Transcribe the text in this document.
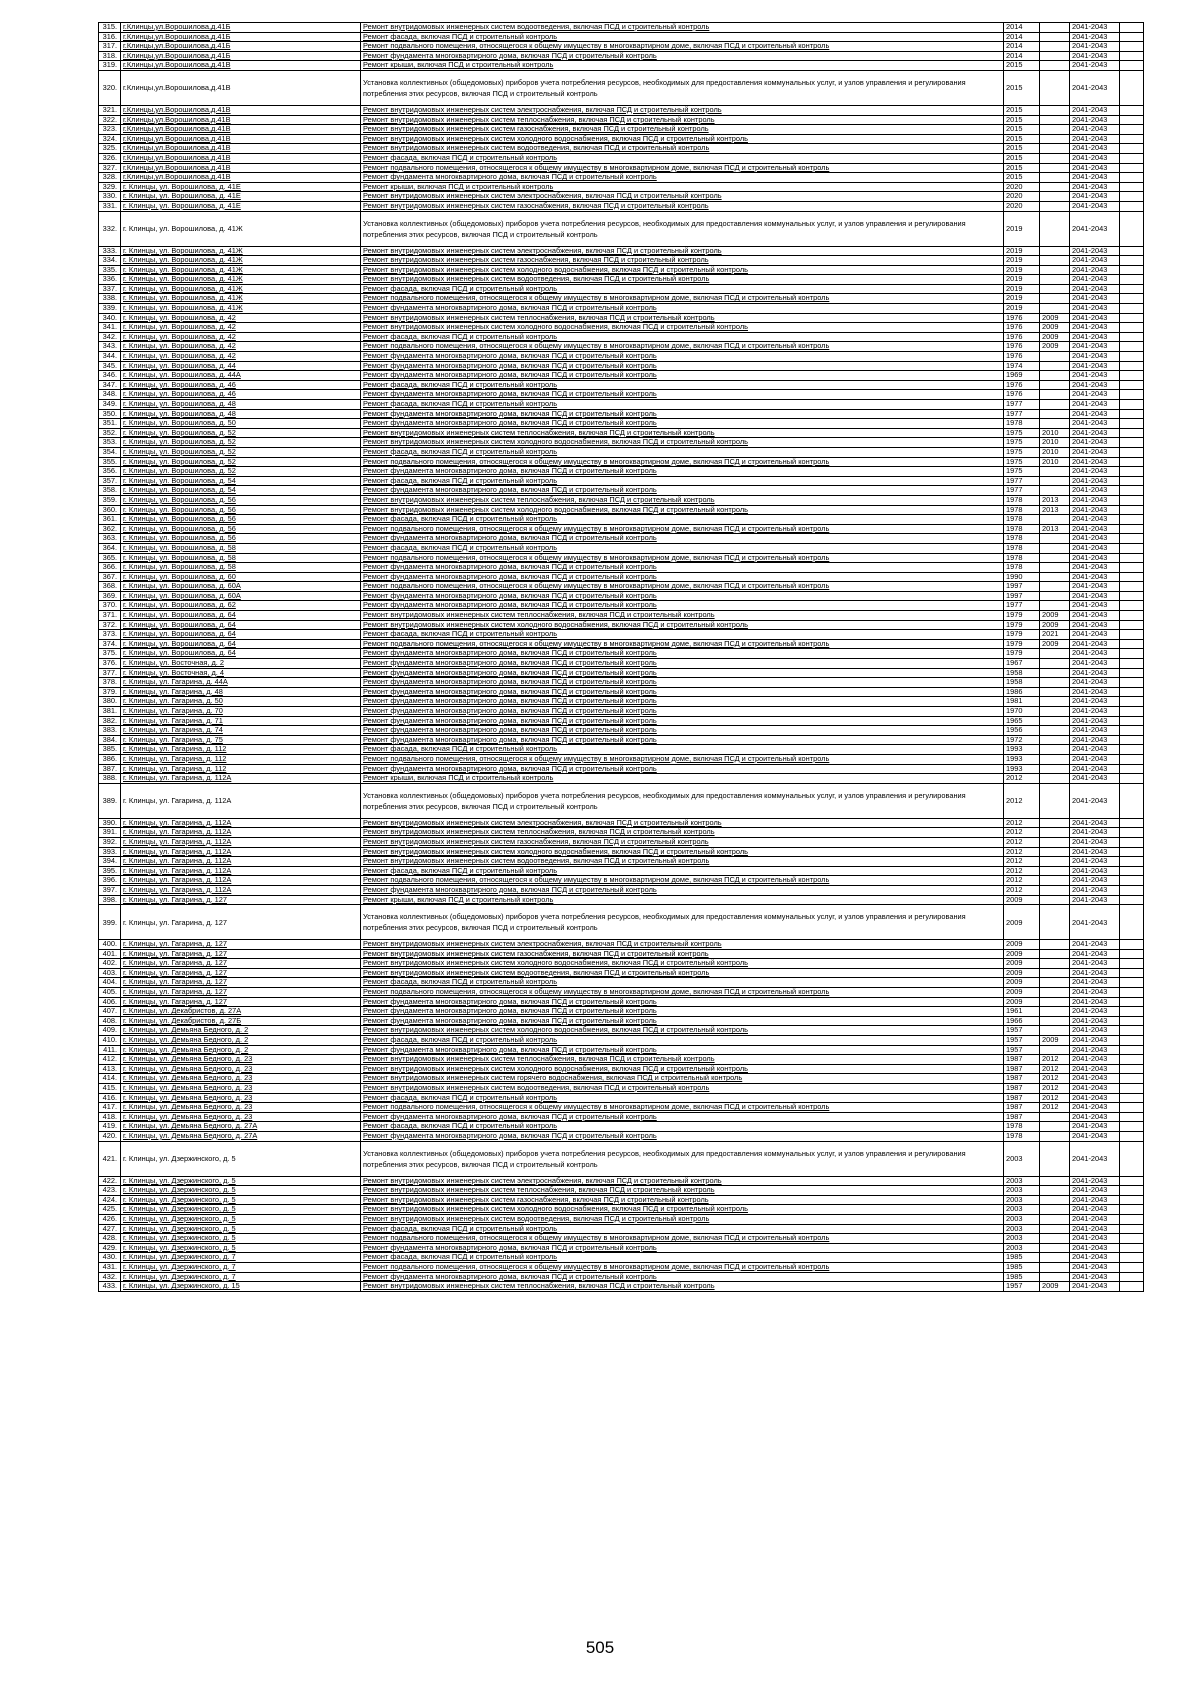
315.	г.Клинцы,ул.Ворошилова,д.41Б	Ремонт внутридомовых инженерных систем водоотведения, включая ПСД и строительный контроль	2014		2041-2043	
316.	г.Клинцы,ул.Ворошилова,д.41Б	Ремонт фасада, включая ПСД и строительный контроль	2014		2041-2043	
317.	г.Клинцы,ул.Ворошилова,д.41Б	Ремонт подвального помещения, относящегося к общему имуществу в многоквартирном доме, включая ПСД и строительный контроль	2014		2041-2043	
318.	г.Клинцы,ул.Ворошилова,д.41Б	Ремонт фундамента многоквартирного дома, включая ПСД и строительный контроль	2014		2041-2043	
319.	г.Клинцы,ул.Ворошилова,д.41В	Ремонт крыши, включая ПСД и строительный контроль	2015		2041-2043	
320.	г.Клинцы,ул.Ворошилова,д.41В	Установка коллективных (общедомовых) приборов учета потребления ресурсов, необходимых для предоставления коммунальных услуг, и узлов управления и регулирования потребления этих ресурсов, включая ПСД и строительный контроль	2015		2041-2043	
321.	г.Клинцы,ул.Ворошилова,д.41В	Ремонт внутридомовых инженерных систем электроснабжения, включая ПСД и строительный контроль	2015		2041-2043	
322.	г.Клинцы,ул.Ворошилова,д.41В	Ремонт внутридомовых инженерных систем теплоснабжения, включая ПСД и строительный контроль	2015		2041-2043	
323.	г.Клинцы,ул.Ворошилова,д.41В	Ремонт внутридомовых инженерных систем газоснабжения, включая ПСД и строительный контроль	2015		2041-2043	
324.	г.Клинцы,ул.Ворошилова,д.41В	Ремонт внутридомовых инженерных систем холодного водоснабжения, включая ПСД и строительный контроль	2015		2041-2043	
325.	г.Клинцы,ул.Ворошилова,д.41В	Ремонт внутридомовых инженерных систем водоотведения, включая ПСД и строительный контроль	2015		2041-2043	
326.	г.Клинцы,ул.Ворошилова,д.41В	Ремонт фасада, включая ПСД и строительный контроль	2015		2041-2043	
327.	г.Клинцы,ул.Ворошилова,д.41В	Ремонт подвального помещения, относящегося к общему имуществу в многоквартирном доме, включая ПСД и строительный контроль	2015		2041-2043	
328.	г.Клинцы,ул.Ворошилова,д.41В	Ремонт фундамента многоквартирного дома, включая ПСД и строительный контроль	2015		2041-2043	
329.	г. Клинцы, ул. Ворошилова, д. 41Е	Ремонт крыши, включая ПСД и строительный контроль	2020		2041-2043	
330.	г. Клинцы, ул. Ворошилова, д. 41Е	Ремонт внутридомовых инженерных систем электроснабжения, включая ПСД и строительный контроль	2020		2041-2043	
331.	г. Клинцы, ул. Ворошилова, д. 41Е	Ремонт внутридомовых инженерных систем газоснабжения, включая ПСД и строительный контроль	2020		2041-2043	
332.	г. Клинцы, ул. Ворошилова, д. 41Ж	Установка коллективных (общедомовых) приборов учета потребления ресурсов, необходимых для предоставления коммунальных услуг, и узлов управления и регулирования потребления этих ресурсов, включая ПСД и строительный контроль	2019		2041-2043	
333.	г. Клинцы, ул. Ворошилова, д. 41Ж	Ремонт внутридомовых инженерных систем электроснабжения, включая ПСД и строительный контроль	2019		2041-2043	
334.	г. Клинцы, ул. Ворошилова, д. 41Ж	Ремонт внутридомовых инженерных систем газоснабжения, включая ПСД и строительный контроль	2019		2041-2043	
335.	г. Клинцы, ул. Ворошилова, д. 41Ж	Ремонт внутридомовых инженерных систем холодного водоснабжения, включая ПСД и строительный контроль	2019		2041-2043	
336.	г. Клинцы, ул. Ворошилова, д. 41Ж	Ремонт внутридомовых инженерных систем водоотведения, включая ПСД и строительный контроль	2019		2041-2043	
337.	г. Клинцы, ул. Ворошилова, д. 41Ж	Ремонт фасада, включая ПСД и строительный контроль	2019		2041-2043	
338.	г. Клинцы, ул. Ворошилова, д. 41Ж	Ремонт подвального помещения, относящегося к общему имуществу в многоквартирном доме, включая ПСД и строительный контроль	2019		2041-2043	
339.	г. Клинцы, ул. Ворошилова, д. 41Ж	Ремонт фундамента многоквартирного дома, включая ПСД и строительный контроль	2019		2041-2043	
340.	г. Клинцы, ул. Ворошилова, д. 42	Ремонт внутридомовых инженерных систем теплоснабжения, включая ПСД и строительный контроль	1976	2009	2041-2043	
341.	г. Клинцы, ул. Ворошилова, д. 42	Ремонт внутридомовых инженерных систем холодного водоснабжения, включая ПСД и строительный контроль	1976	2009	2041-2043	
342.	г. Клинцы, ул. Ворошилова, д. 42	Ремонт фасада, включая ПСД и строительный контроль	1976	2009	2041-2043	
343.	г. Клинцы, ул. Ворошилова, д. 42	Ремонт подвального помещения, относящегося к общему имуществу в многоквартирном доме, включая ПСД и строительный контроль	1976	2009	2041-2043	
344.	г. Клинцы, ул. Ворошилова, д. 42	Ремонт фундамента многоквартирного дома, включая ПСД и строительный контроль	1976		2041-2043	
345.	г. Клинцы, ул. Ворошилова, д. 44	Ремонт фундамента многоквартирного дома, включая ПСД и строительный контроль	1974		2041-2043	
346.	г. Клинцы, ул. Ворошилова, д. 44А	Ремонт фундамента многоквартирного дома, включая ПСД и строительный контроль	1969		2041-2043	
347.	г. Клинцы, ул. Ворошилова, д. 46	Ремонт фасада, включая ПСД и строительный контроль	1976		2041-2043	
348.	г. Клинцы, ул. Ворошилова, д. 46	Ремонт фундамента многоквартирного дома, включая ПСД и строительный контроль	1976		2041-2043	
349.	г. Клинцы, ул. Ворошилова, д. 48	Ремонт фасада, включая ПСД и строительный контроль	1977		2041-2043	
350.	г. Клинцы, ул. Ворошилова, д. 48	Ремонт фундамента многоквартирного дома, включая ПСД и строительный контроль	1977		2041-2043	
351.	г. Клинцы, ул. Ворошилова, д. 50	Ремонт фундамента многоквартирного дома, включая ПСД и строительный контроль	1978		2041-2043	
352.	г. Клинцы, ул. Ворошилова, д. 52	Ремонт внутридомовых инженерных систем теплоснабжения, включая ПСД и строительный контроль	1975	2010	2041-2043	
353.	г. Клинцы, ул. Ворошилова, д. 52	Ремонт внутридомовых инженерных систем холодного водоснабжения, включая ПСД и строительный контроль	1975	2010	2041-2043	
354.	г. Клинцы, ул. Ворошилова, д. 52	Ремонт фасада, включая ПСД и строительный контроль	1975	2010	2041-2043	
355.	г. Клинцы, ул. Ворошилова, д. 52	Ремонт подвального помещения, относящегося к общему имуществу в многоквартирном доме, включая ПСД и строительный контроль	1975	2010	2041-2043	
356.	г. Клинцы, ул. Ворошилова, д. 52	Ремонт фундамента многоквартирного дома, включая ПСД и строительный контроль	1975		2041-2043	
357.	г. Клинцы, ул. Ворошилова, д. 54	Ремонт фасада, включая ПСД и строительный контроль	1977		2041-2043	
358.	г. Клинцы, ул. Ворошилова, д. 54	Ремонт фундамента многоквартирного дома, включая ПСД и строительный контроль	1977		2041-2043	
359.	г. Клинцы, ул. Ворошилова, д. 56	Ремонт внутридомовых инженерных систем теплоснабжения, включая ПСД и строительный контроль	1978	2013	2041-2043	
360.	г. Клинцы, ул. Ворошилова, д. 56	Ремонт внутридомовых инженерных систем холодного водоснабжения, включая ПСД и строительный контроль	1978	2013	2041-2043	
361.	г. Клинцы, ул. Ворошилова, д. 56	Ремонт фасада, включая ПСД и строительный контроль	1978		2041-2043	
362.	г. Клинцы, ул. Ворошилова, д. 56	Ремонт подвального помещения, относящегося к общему имуществу в многоквартирном доме, включая ПСД и строительный контроль	1978	2013	2041-2043	
363.	г. Клинцы, ул. Ворошилова, д. 56	Ремонт фундамента многоквартирного дома, включая ПСД и строительный контроль	1978		2041-2043	
364.	г. Клинцы, ул. Ворошилова, д. 58	Ремонт фасада, включая ПСД и строительный контроль	1978		2041-2043	
365.	г. Клинцы, ул. Ворошилова, д. 58	Ремонт подвального помещения, относящегося к общему имуществу в многоквартирном доме, включая ПСД и строительный контроль	1978		2041-2043	
366.	г. Клинцы, ул. Ворошилова, д. 58	Ремонт фундамента многоквартирного дома, включая ПСД и строительный контроль	1978		2041-2043	
367.	г. Клинцы, ул. Ворошилова, д. 60	Ремонт фундамента многоквартирного дома, включая ПСД и строительный контроль	1990		2041-2043	
368.	г. Клинцы, ул. Ворошилова, д. 60А	Ремонт подвального помещения, относящегося к общему имуществу в многоквартирном доме, включая ПСД и строительный контроль	1997		2041-2043	
369.	г. Клинцы, ул. Ворошилова, д. 60А	Ремонт фундамента многоквартирного дома, включая ПСД и строительный контроль	1997		2041-2043	
370.	г. Клинцы, ул. Ворошилова, д. 62	Ремонт фундамента многоквартирного дома, включая ПСД и строительный контроль	1977		2041-2043	
371.	г. Клинцы, ул. Ворошилова, д. 64	Ремонт внутридомовых инженерных систем теплоснабжения, включая ПСД и строительный контроль	1979	2009	2041-2043	
372.	г. Клинцы, ул. Ворошилова, д. 64	Ремонт внутридомовых инженерных систем холодного водоснабжения, включая ПСД и строительный контроль	1979	2009	2041-2043	
373.	г. Клинцы, ул. Ворошилова, д. 64	Ремонт фасада, включая ПСД и строительный контроль	1979	2021	2041-2043	
374.	г. Клинцы, ул. Ворошилова, д. 64	Ремонт подвального помещения, относящегося к общему имуществу в многоквартирном доме, включая ПСД и строительный контроль	1979	2009	2041-2043	
375.	г. Клинцы, ул. Ворошилова, д. 64	Ремонт фундамента многоквартирного дома, включая ПСД и строительный контроль	1979		2041-2043	
376.	г. Клинцы, ул. Восточная, д. 2	Ремонт фундамента многоквартирного дома, включая ПСД и строительный контроль	1967		2041-2043	
377.	г. Клинцы, ул. Восточная, д. 4	Ремонт фундамента многоквартирного дома, включая ПСД и строительный контроль	1958		2041-2043	
378.	г. Клинцы, ул. Гагарина, д. 44А	Ремонт фундамента многоквартирного дома, включая ПСД и строительный контроль	1958		2041-2043	
379.	г. Клинцы, ул. Гагарина, д. 48	Ремонт фундамента многоквартирного дома, включая ПСД и строительный контроль	1986		2041-2043	
380.	г. Клинцы, ул. Гагарина, д. 50	Ремонт фундамента многоквартирного дома, включая ПСД и строительный контроль	1981		2041-2043	
381.	г. Клинцы, ул. Гагарина, д. 70	Ремонт фундамента многоквартирного дома, включая ПСД и строительный контроль	1970		2041-2043	
382.	г. Клинцы, ул. Гагарина, д. 71	Ремонт фундамента многоквартирного дома, включая ПСД и строительный контроль	1965		2041-2043	
383.	г. Клинцы, ул. Гагарина, д. 74	Ремонт фундамента многоквартирного дома, включая ПСД и строительный контроль	1956		2041-2043	
384.	г. Клинцы, ул. Гагарина, д. 75	Ремонт фундамента многоквартирного дома, включая ПСД и строительный контроль	1972		2041-2043	
385.	г. Клинцы, ул. Гагарина, д. 112	Ремонт фасада, включая ПСД и строительный контроль	1993		2041-2043	
386.	г. Клинцы, ул. Гагарина, д. 112	Ремонт подвального помещения, относящегося к общему имуществу в многоквартирном доме, включая ПСД и строительный контроль	1993		2041-2043	
387.	г. Клинцы, ул. Гагарина, д. 112	Ремонт фундамента многоквартирного дома, включая ПСД и строительный контроль	1993		2041-2043	
388.	г. Клинцы, ул. Гагарина, д. 112А	Ремонт крыши, включая ПСД и строительный контроль	2012		2041-2043	
389.	г. Клинцы, ул. Гагарина, д. 112А	Установка коллективных (общедомовых) приборов учета потребления ресурсов, необходимых для предоставления коммунальных услуг, и узлов управления и регулирования потребления этих ресурсов, включая ПСД и строительный контроль	2012		2041-2043	
390.	г. Клинцы, ул. Гагарина, д. 112А	Ремонт внутридомовых инженерных систем электроснабжения, включая ПСД и строительный контроль	2012		2041-2043	
391.	г. Клинцы, ул. Гагарина, д. 112А	Ремонт внутридомовых инженерных систем теплоснабжения, включая ПСД и строительный контроль	2012		2041-2043	
392.	г. Клинцы, ул. Гагарина, д. 112А	Ремонт внутридомовых инженерных систем газоснабжения, включая ПСД и строительный контроль	2012		2041-2043	
393.	г. Клинцы, ул. Гагарина, д. 112А	Ремонт внутридомовых инженерных систем холодного водоснабжения, включая ПСД и строительный контроль	2012		2041-2043	
394.	г. Клинцы, ул. Гагарина, д. 112А	Ремонт внутридомовых инженерных систем водоотведения, включая ПСД и строительный контроль	2012		2041-2043	
395.	г. Клинцы, ул. Гагарина, д. 112А	Ремонт фасада, включая ПСД и строительный контроль	2012		2041-2043	
396.	г. Клинцы, ул. Гагарина, д. 112А	Ремонт подвального помещения, относящегося к общему имуществу в многоквартирном доме, включая ПСД и строительный контроль	2012		2041-2043	
397.	г. Клинцы, ул. Гагарина, д. 112А	Ремонт фундамента многоквартирного дома, включая ПСД и строительный контроль	2012		2041-2043	
398.	г. Клинцы, ул. Гагарина, д. 127	Ремонт крыши, включая ПСД и строительный контроль	2009		2041-2043	
399.	г. Клинцы, ул. Гагарина, д. 127	Установка коллективных (общедомовых) приборов учета потребления ресурсов, необходимых для предоставления коммунальных услуг, и узлов управления и регулирования потребления этих ресурсов, включая ПСД и строительный контроль	2009		2041-2043	
400.	г. Клинцы, ул. Гагарина, д. 127	Ремонт внутридомовых инженерных систем электроснабжения, включая ПСД и строительный контроль	2009		2041-2043	
401.	г. Клинцы, ул. Гагарина, д. 127	Ремонт внутридомовых инженерных систем газоснабжения, включая ПСД и строительный контроль	2009		2041-2043	
402.	г. Клинцы, ул. Гагарина, д. 127	Ремонт внутридомовых инженерных систем холодного водоснабжения, включая ПСД и строительный контроль	2009		2041-2043	
403.	г. Клинцы, ул. Гагарина, д. 127	Ремонт внутридомовых инженерных систем водоотведения, включая ПСД и строительный контроль	2009		2041-2043	
404.	г. Клинцы, ул. Гагарина, д. 127	Ремонт фасада, включая ПСД и строительный контроль	2009		2041-2043	
405.	г. Клинцы, ул. Гагарина, д. 127	Ремонт подвального помещения, относящегося к общему имуществу в многоквартирном доме, включая ПСД и строительный контроль	2009		2041-2043	
406.	г. Клинцы, ул. Гагарина, д. 127	Ремонт фундамента многоквартирного дома, включая ПСД и строительный контроль	2009		2041-2043	
407.	г. Клинцы, ул. Декабристов, д. 27А	Ремонт фундамента многоквартирного дома, включая ПСД и строительный контроль	1961		2041-2043	
408.	г. Клинцы, ул. Декабристов, д. 27Б	Ремонт фундамента многоквартирного дома, включая ПСД и строительный контроль	1966		2041-2043	
409.	г. Клинцы, ул. Демьяна Бедного, д. 2	Ремонт внутридомовых инженерных систем холодного водоснабжения, включая ПСД и строительный контроль	1957		2041-2043	
410.	г. Клинцы, ул. Демьяна Бедного, д. 2	Ремонт фасада, включая ПСД и строительный контроль	1957	2009	2041-2043	
411.	г. Клинцы, ул. Демьяна Бедного, д. 2	Ремонт фундамента многоквартирного дома, включая ПСД и строительный контроль	1957		2041-2043	
412.	г. Клинцы, ул. Демьяна Бедного, д. 23	Ремонт внутридомовых инженерных систем теплоснабжения, включая ПСД и строительный контроль	1987	2012	2041-2043	
413.	г. Клинцы, ул. Демьяна Бедного, д. 23	Ремонт внутридомовых инженерных систем холодного водоснабжения, включая ПСД и строительный контроль	1987	2012	2041-2043	
414.	г. Клинцы, ул. Демьяна Бедного, д. 23	Ремонт внутридомовых инженерных систем горячего водоснабжения, включая ПСД и строительный контроль	1987	2012	2041-2043	
415.	г. Клинцы, ул. Демьяна Бедного, д. 23	Ремонт внутридомовых инженерных систем водоотведения, включая ПСД и строительный контроль	1987	2012	2041-2043	
416.	г. Клинцы, ул. Демьяна Бедного, д. 23	Ремонт фасада, включая ПСД и строительный контроль	1987	2012	2041-2043	
417.	г. Клинцы, ул. Демьяна Бедного, д. 23	Ремонт подвального помещения, относящегося к общему имуществу в многоквартирном доме, включая ПСД и строительный контроль	1987	2012	2041-2043	
418.	г. Клинцы, ул. Демьяна Бедного, д. 23	Ремонт фундамента многоквартирного дома, включая ПСД и строительный контроль	1987		2041-2043	
419.	г. Клинцы, ул. Демьяна Бедного, д. 27А	Ремонт фасада, включая ПСД и строительный контроль	1978		2041-2043	
420.	г. Клинцы, ул. Демьяна Бедного, д. 27А	Ремонт фундамента многоквартирного дома, включая ПСД и строительный контроль	1978		2041-2043	
421.	г. Клинцы, ул. Дзержинского, д. 5	Установка коллективных (общедомовых) приборов учета потребления ресурсов, необходимых для предоставления коммунальных услуг, и узлов управления и регулирования потребления этих ресурсов, включая ПСД и строительный контроль	2003		2041-2043	
422.	г. Клинцы, ул. Дзержинского, д. 5	Ремонт внутридомовых инженерных систем электроснабжения, включая ПСД и строительный контроль	2003		2041-2043	
423.	г. Клинцы, ул. Дзержинского, д. 5	Ремонт внутридомовых инженерных систем теплоснабжения, включая ПСД и строительный контроль	2003		2041-2043	
424.	г. Клинцы, ул. Дзержинского, д. 5	Ремонт внутридомовых инженерных систем газоснабжения, включая ПСД и строительный контроль	2003		2041-2043	
425.	г. Клинцы, ул. Дзержинского, д. 5	Ремонт внутридомовых инженерных систем холодного водоснабжения, включая ПСД и строительный контроль	2003		2041-2043	
426.	г. Клинцы, ул. Дзержинского, д. 5	Ремонт внутридомовых инженерных систем водоотведения, включая ПСД и строительный контроль	2003		2041-2043	
427.	г. Клинцы, ул. Дзержинского, д. 5	Ремонт фасада, включая ПСД и строительный контроль	2003		2041-2043	
428.	г. Клинцы, ул. Дзержинского, д. 5	Ремонт подвального помещения, относящегося к общему имуществу в многоквартирном доме, включая ПСД и строительный контроль	2003		2041-2043	
429.	г. Клинцы, ул. Дзержинского, д. 5	Ремонт фундамента многоквартирного дома, включая ПСД и строительный контроль	2003		2041-2043	
430.	г. Клинцы, ул. Дзержинского, д. 7	Ремонт фасада, включая ПСД и строительный контроль	1985		2041-2043	
431.	г. Клинцы, ул. Дзержинского, д. 7	Ремонт подвального помещения, относящегося к общему имуществу в многоквартирном доме, включая ПСД и строительный контроль	1985		2041-2043	
432.	г. Клинцы, ул. Дзержинского, д. 7	Ремонт фундамента многоквартирного дома, включая ПСД и строительный контроль	1985		2041-2043	
433.	г. Клинцы, ул. Дзержинского, д. 15	Ремонт внутридомовых инженерных систем теплоснабжения, включая ПСД и строительный контроль	1957	2009	2041-2043	
505
